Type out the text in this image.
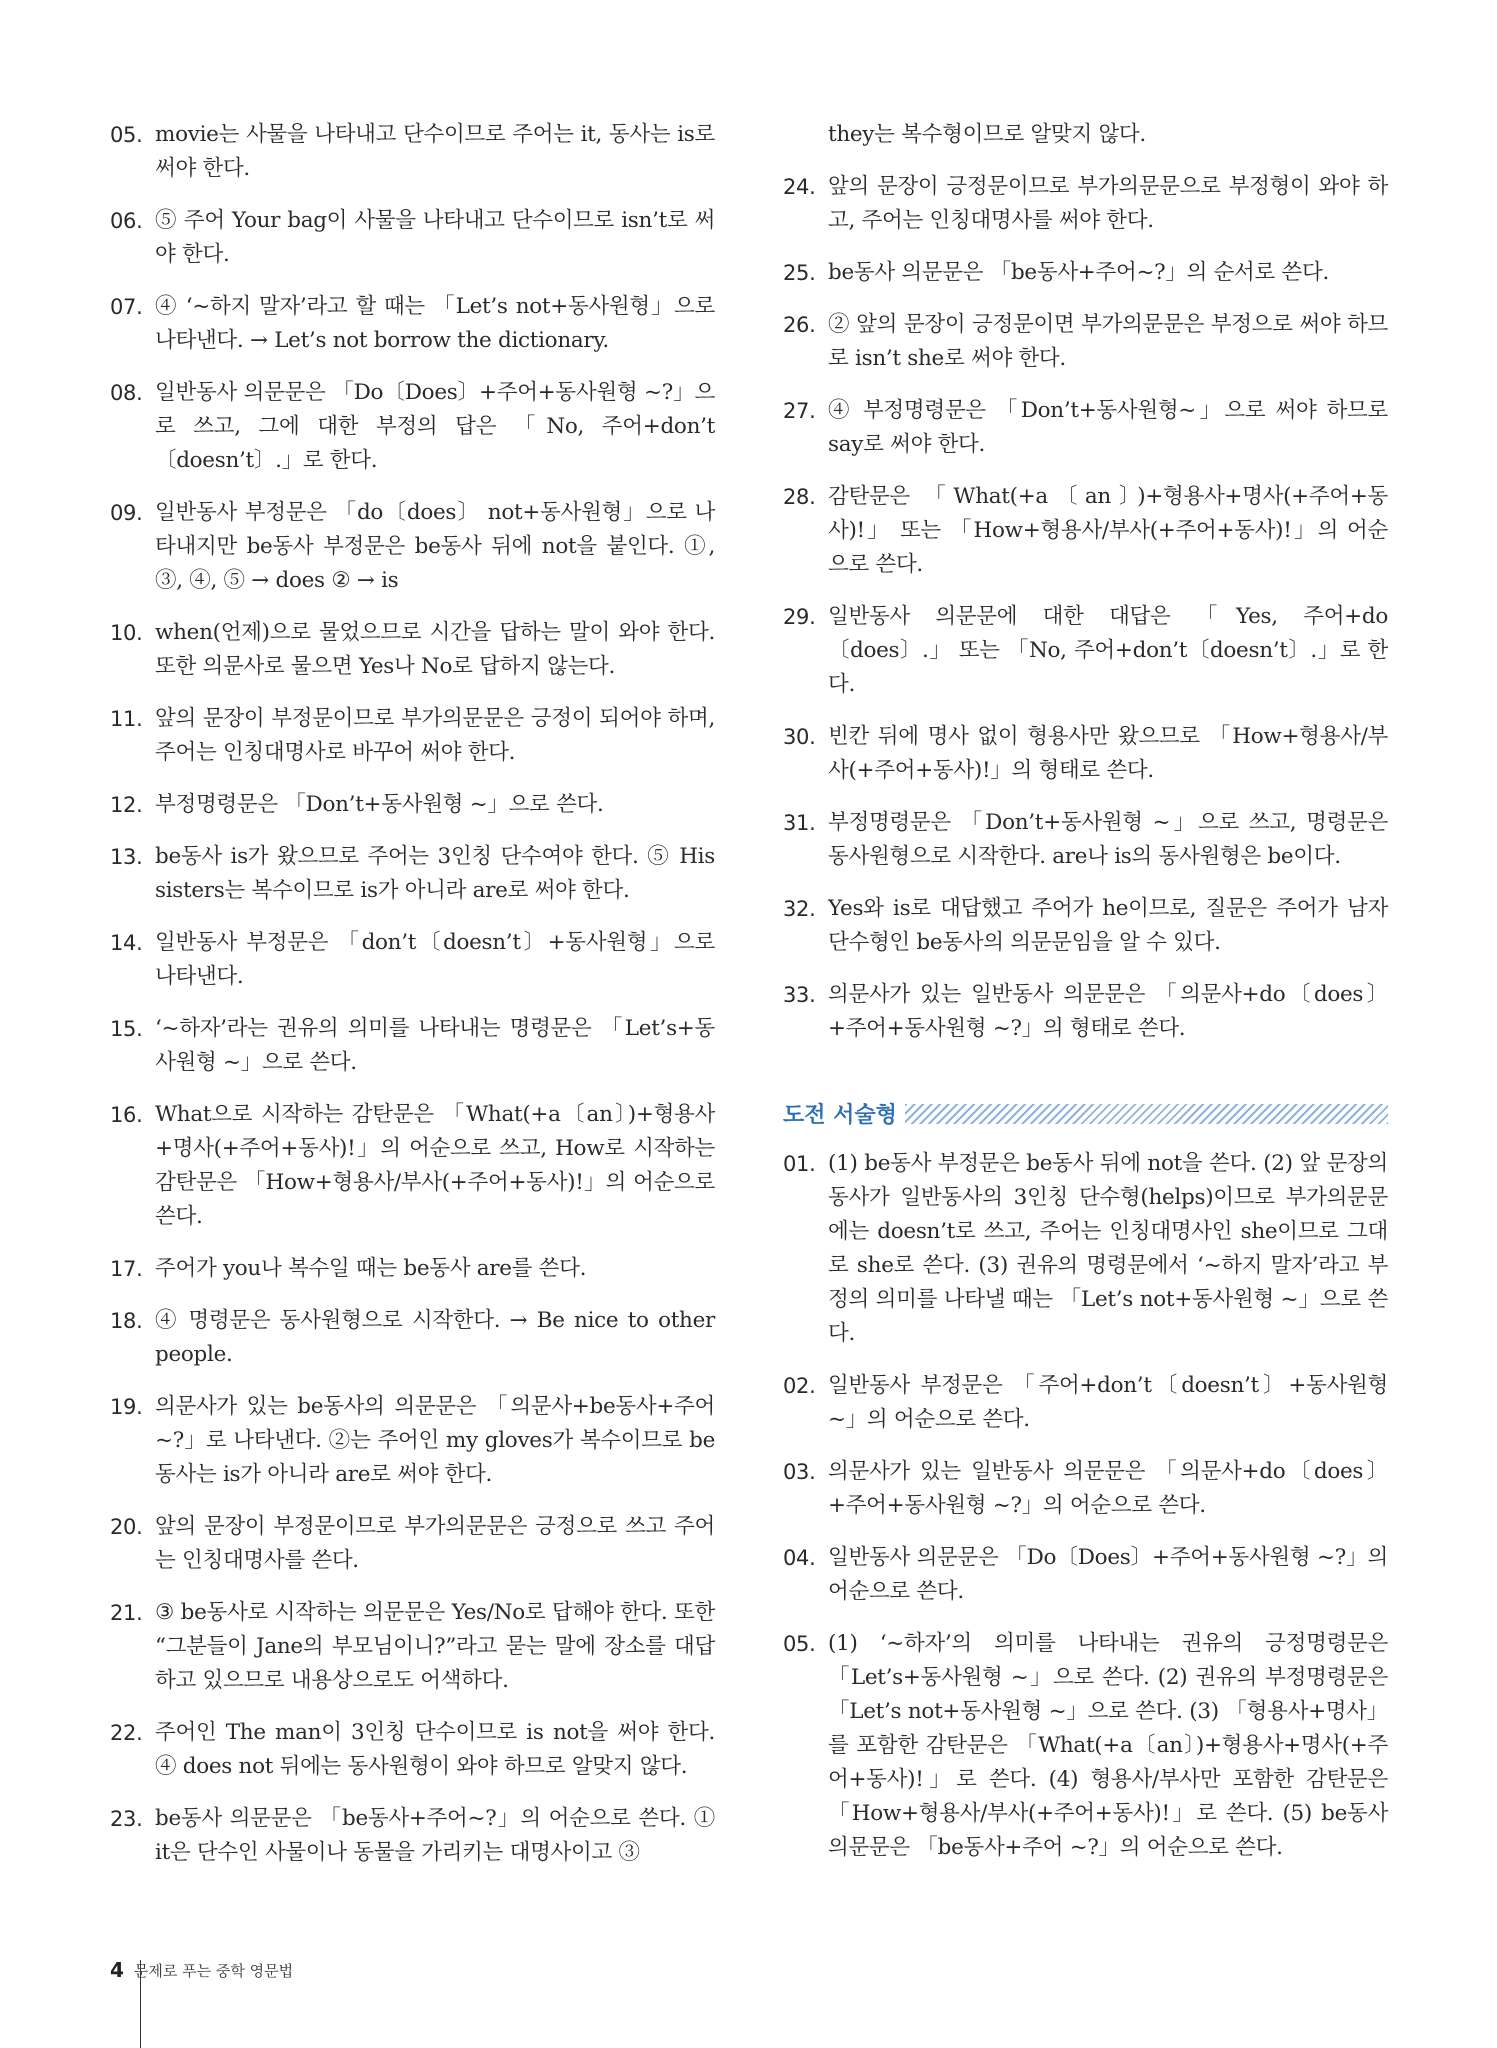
05. movie는 사물을 나타내고 단수이므로 주어는 it, 동사는 is로 써야 한다.
06. ⑤ 주어 Your bag이 사물을 나타내고 단수이므로 isn’t로 써야 한다.
07. ④ ‘~하지 말자’라고 할 때는 「Let’s not+동사원형」으로 나타낸다. → Let’s not borrow the dictionary.
08. 일반동사 의문문은 「Do〔Does〕+주어+동사원형 ~?」으로 쓰고, 그에 대한 부정의 답은 「No, 주어+don’t〔doesn’t〕.」로 한다.
09. 일반동사 부정문은 「do〔does〕 not+동사원형」으로 나타내지만 be동사 부정문은 be동사 뒤에 not을 붙인다. ①, ③, ④, ⑤ → does ② → is
10. when(언제)으로 물었으므로 시간을 답하는 말이 와야 한다. 또한 의문사로 물으면 Yes나 No로 답하지 않는다.
11. 앞의 문장이 부정문이므로 부가의문문은 긍정이 되어야 하며, 주어는 인칭대명사로 바꾸어 써야 한다.
12. 부정명령문은 「Don’t+동사원형 ~」으로 쓴다.
13. be동사 is가 왔으므로 주어는 3인칭 단수여야 한다. ⑤ His sisters는 복수이므로 is가 아니라 are로 써야 한다.
14. 일반동사 부정문은 「don’t〔doesn’t〕+동사원형」으로 나타낸다.
15. ‘~하자’라는 권유의 의미를 나타내는 명령문은 「Let’s+동사원형 ~」으로 쓴다.
16. What으로 시작하는 감탄문은 「What(+a〔an〕)+형용사+명사(+주어+동사)!」의 어순으로 쓰고, How로 시작하는 감탄문은 「How+형용사/부사(+주어+동사)!」의 어순으로 쓴다.
17. 주어가 you나 복수일 때는 be동사 are를 쓴다.
18. ④ 명령문은 동사원형으로 시작한다. → Be nice to other people.
19. 의문사가 있는 be동사의 의문문은 「의문사+be동사+주어 ~?」로 나타낸다. ②는 주어인 my gloves가 복수이므로 be동사는 is가 아니라 are로 써야 한다.
20. 앞의 문장이 부정문이므로 부가의문문은 긍정으로 쓰고 주어는 인칭대명사를 쓴다.
21. ③ be동사로 시작하는 의문문은 Yes/No로 답해야 한다. 또한 “그분들이 Jane의 부모님이니?”라고 묻는 말에 장소를 대답하고 있으므로 내용상으로도 어색하다.
22. 주어인 The man이 3인칭 단수이므로 is not을 써야 한다. ④ does not 뒤에는 동사원형이 와야 하므로 알맞지 않다.
23. be동사 의문문은 「be동사+주어~?」의 어순으로 쓴다. ① it은 단수인 사물이나 동물을 가리키는 대명사이고 ③
they는 복수형이므로 알맞지 않다.
24. 앞의 문장이 긍정문이므로 부가의문문으로 부정형이 와야 하고, 주어는 인칭대명사를 써야 한다.
25. be동사 의문문은 「be동사+주어~?」의 순서로 쓴다.
26. ② 앞의 문장이 긍정문이면 부가의문문은 부정으로 써야 하므로 isn’t she로 써야 한다.
27. ④ 부정명령문은 「Don’t+동사원형~」으로 써야 하므로 say로 써야 한다.
28. 감탄문은 「What(+a〔an〕)+형용사+명사(+주어+동사)!」 또는 「How+형용사/부사(+주어+동사)!」의 어순으로 쓴다.
29. 일반동사 의문문에 대한 대답은 「Yes, 주어+do〔does〕.」 또는 「No, 주어+don’t〔doesn’t〕.」로 한다.
30. 빈칸 뒤에 명사 없이 형용사만 왔으므로 「How+형용사/부사(+주어+동사)!」의 형태로 쓴다.
31. 부정명령문은 「Don’t+동사원형 ~」으로 쓰고, 명령문은 동사원형으로 시작한다. are나 is의 동사원형은 be이다.
32. Yes와 is로 대답했고 주어가 he이므로, 질문은 주어가 남자 단수형인 be동사의 의문문임을 알 수 있다.
33. 의문사가 있는 일반동사 의문문은 「의문사+do〔does〕+주어+동사원형 ~?」의 형태로 쓴다.
도전 서술형
01. (1) be동사 부정문은 be동사 뒤에 not을 쓴다. (2) 앞 문장의 동사가 일반동사의 3인칭 단수형(helps)이므로 부가의문문에는 doesn’t로 쓰고, 주어는 인칭대명사인 she이므로 그대로 she로 쓴다. (3) 권유의 명령문에서 ‘~하지 말자’라고 부정의 의미를 나타낼 때는 「Let’s not+동사원형 ~」으로 쓴다.
02. 일반동사 부정문은 「주어+don’t〔doesn’t〕+동사원형 ~」의 어순으로 쓴다.
03. 의문사가 있는 일반동사 의문문은 「의문사+do〔does〕+주어+동사원형 ~?」의 어순으로 쓴다.
04. 일반동사 의문문은 「Do〔Does〕+주어+동사원형 ~?」의 어순으로 쓴다.
05. (1) ‘~하자’의 의미를 나타내는 권유의 긍정명령문은 「Let’s+동사원형 ~」으로 쓴다. (2) 권유의 부정명령문은 「Let’s not+동사원형 ~」으로 쓴다. (3) 「형용사+명사」를 포함한 감탄문은 「What(+a〔an〕)+형용사+명사(+주어+동사)!」로 쓴다. (4) 형용사/부사만 포함한 감탄문은 「How+형용사/부사(+주어+동사)!」로 쓴다. (5) be동사 의문문은 「be동사+주어 ~?」의 어순으로 쓴다.
4 문제로 푸는 중학 영문법
